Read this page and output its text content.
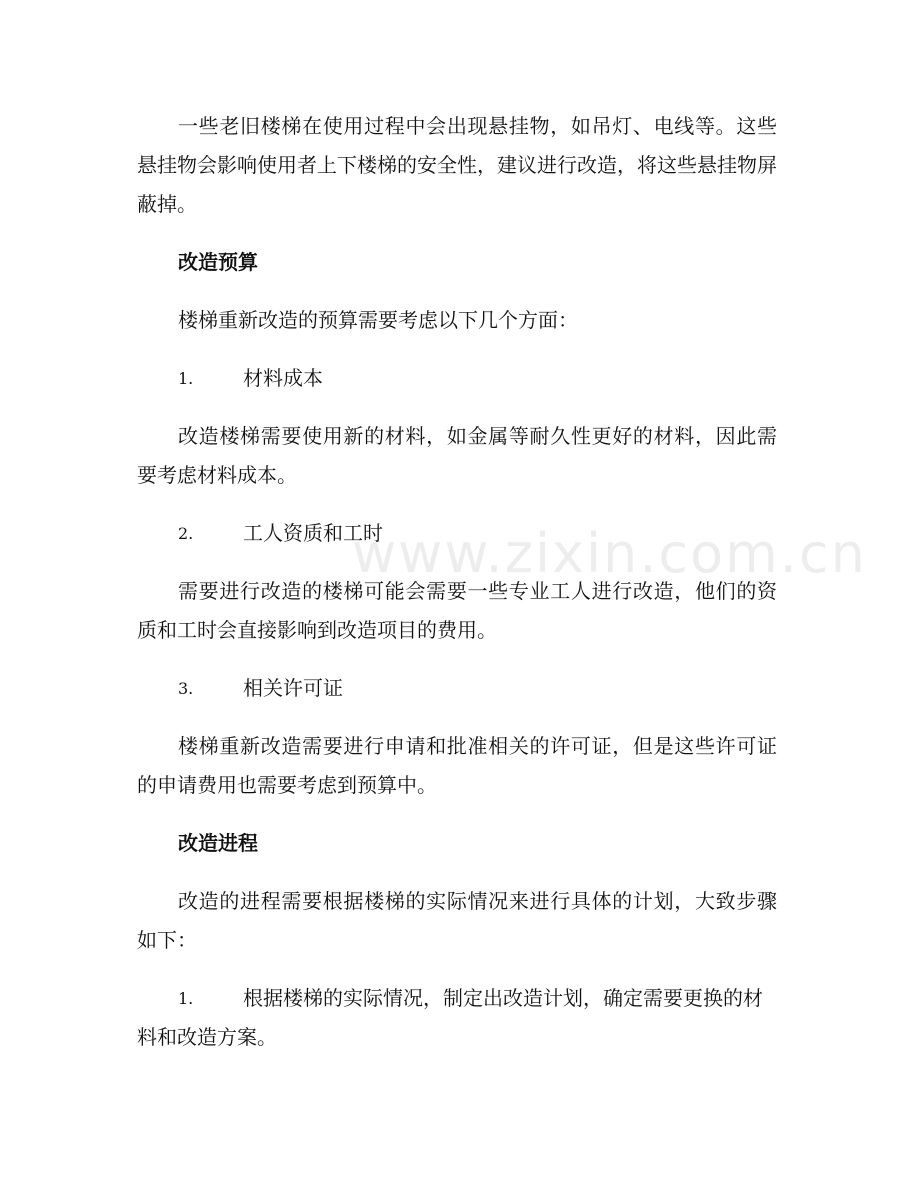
www.zixin.com.cn

一些老旧楼梯在使用过程中会出现悬挂物，如吊灯、电线等。这些悬挂物会影响使用者上下楼梯的安全性，建议进行改造，将这些悬挂物屏蔽掉。

改造预算

楼梯重新改造的预算需要考虑以下几个方面：

1.	材料成本

改造楼梯需要使用新的材料，如金属等耐久性更好的材料，因此需要考虑材料成本。

2.	工人资质和工时

需要进行改造的楼梯可能会需要一些专业工人进行改造，他们的资质和工时会直接影响到改造项目的费用。

3.	相关许可证

楼梯重新改造需要进行申请和批准相关的许可证，但是这些许可证的申请费用也需要考虑到预算中。

改造进程

改造的进程需要根据楼梯的实际情况来进行具体的计划，大致步骤如下：

1.	根据楼梯的实际情况，制定出改造计划，确定需要更换的材料和改造方案。
